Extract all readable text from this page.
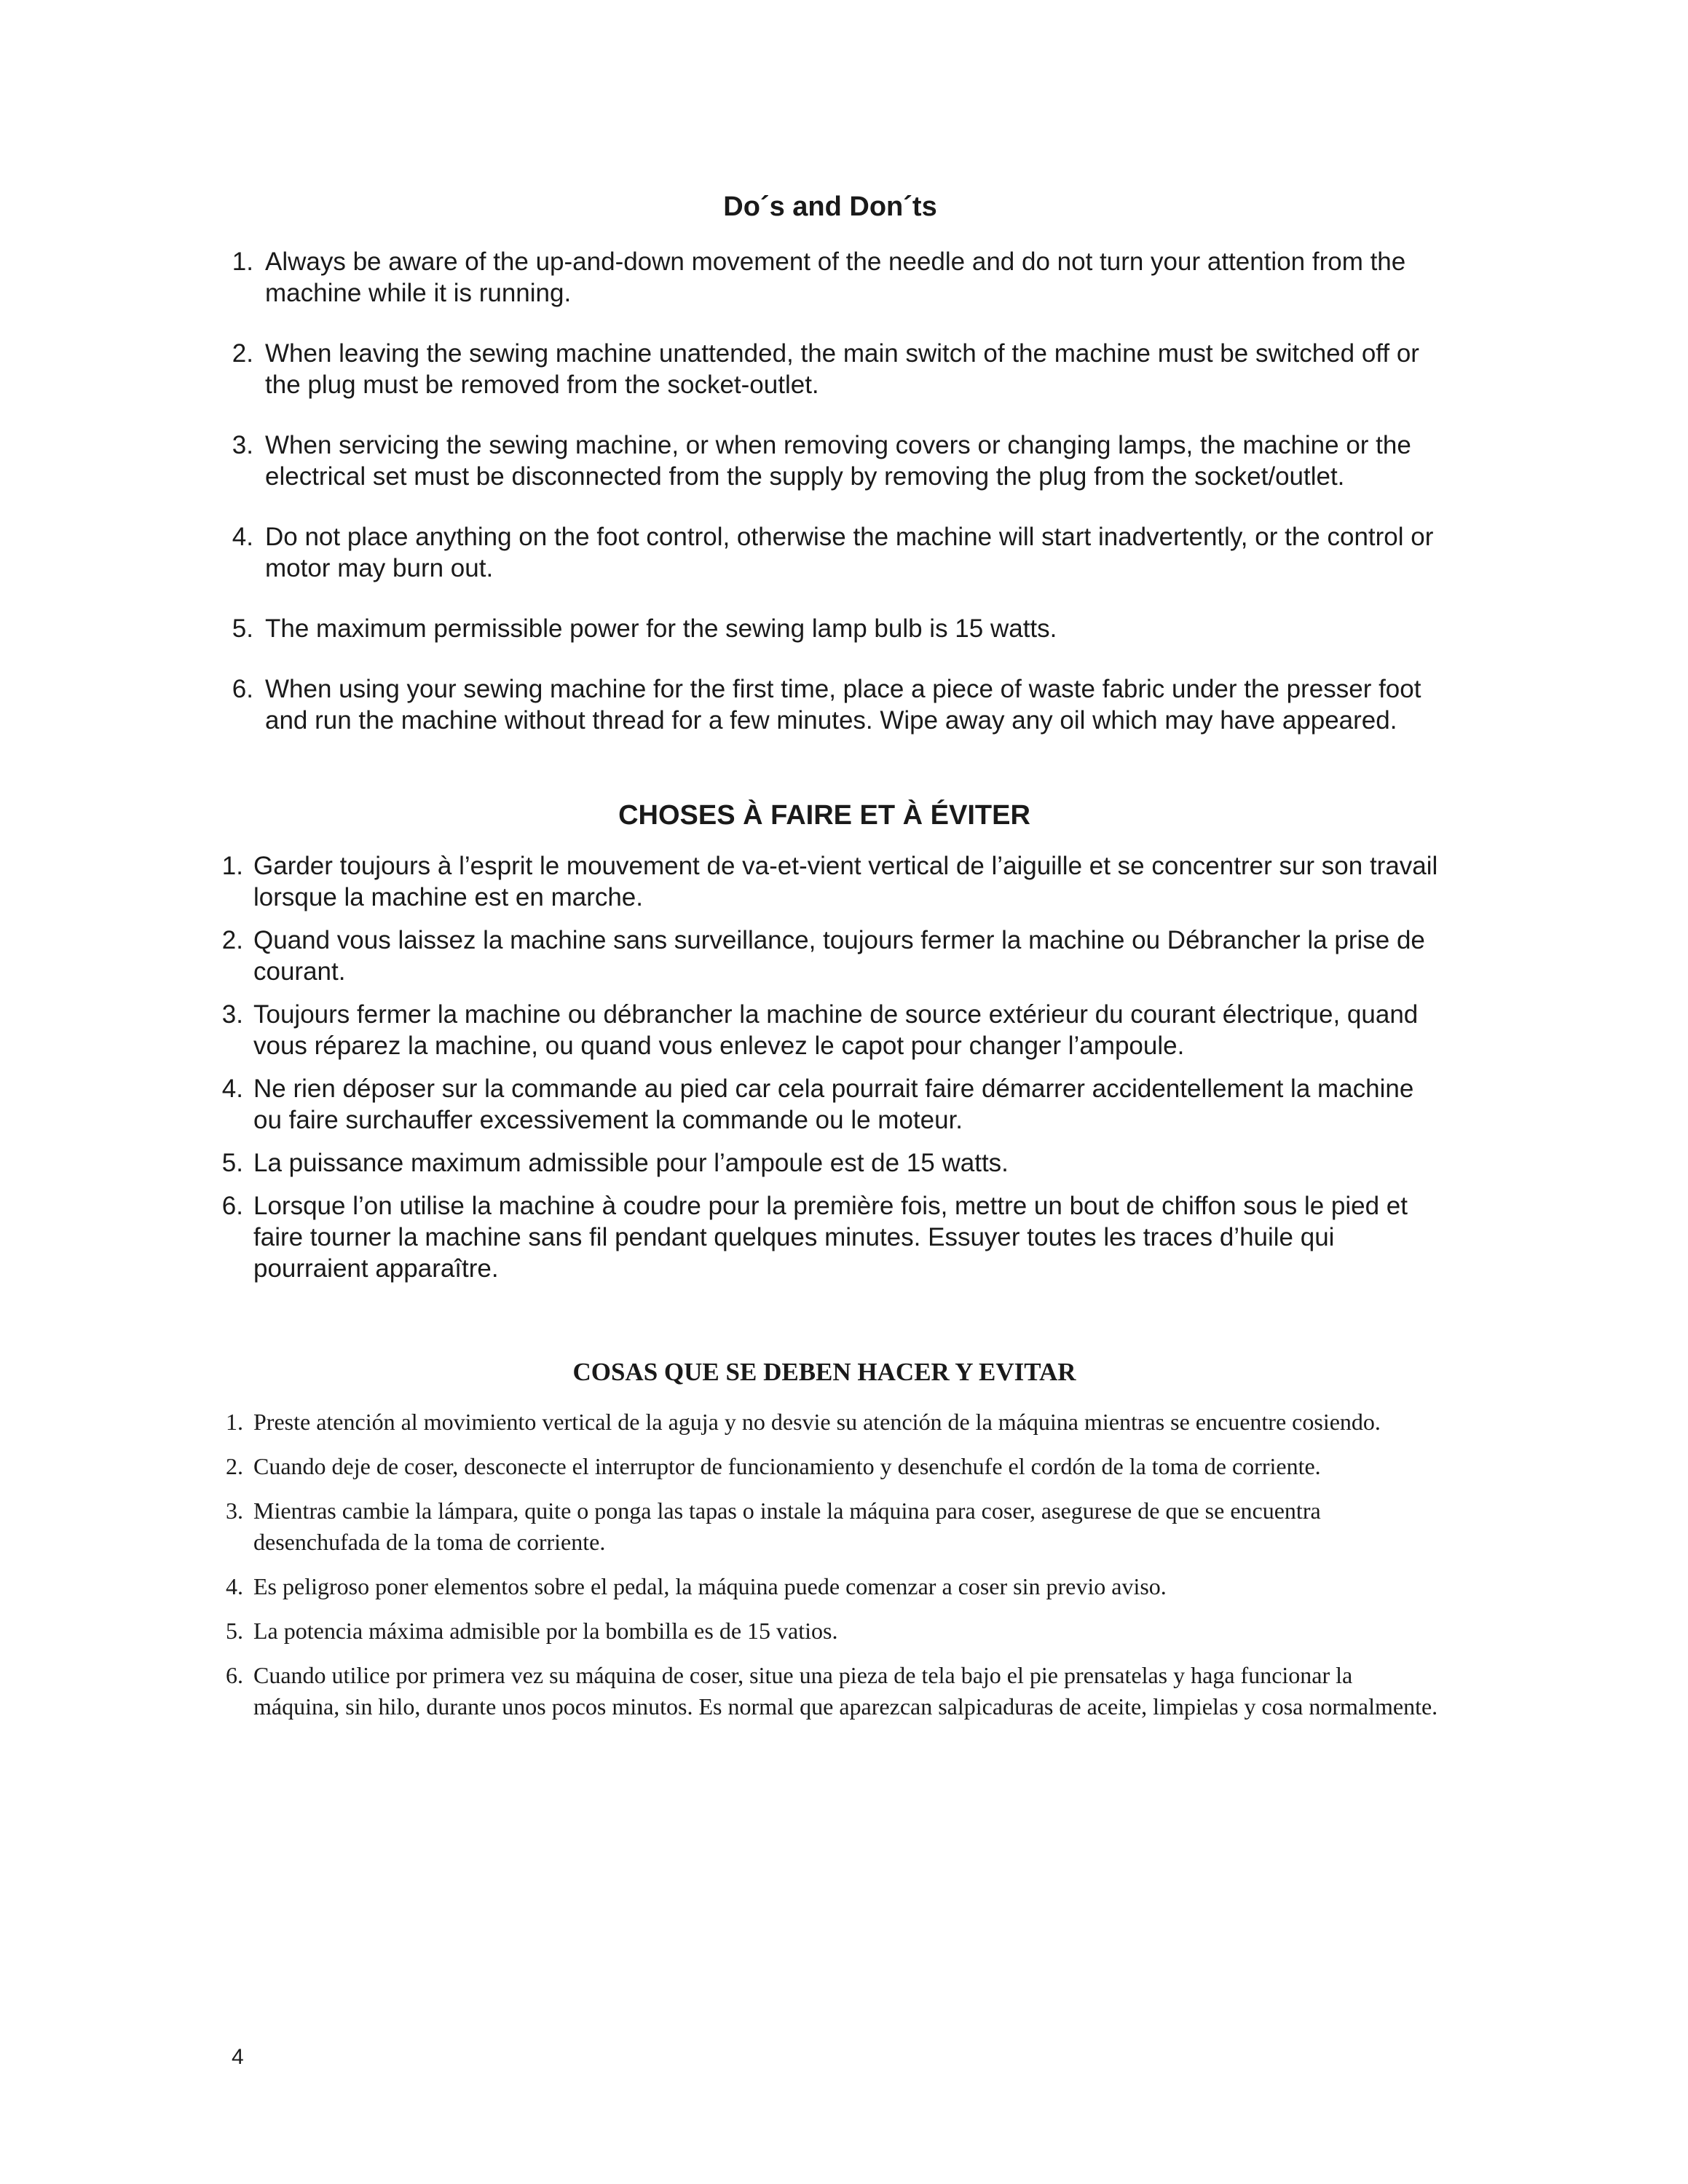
Do´s and Don´ts
1. Always be aware of the up-and-down movement of the needle and do not turn your attention from the machine while it is running.
2. When leaving the sewing machine unattended, the main switch of the machine must be switched off or the plug must be removed from the socket-outlet.
3. When servicing the sewing machine, or when removing covers or changing lamps, the machine or the electrical set must be disconnected from the supply by removing the plug from the socket/outlet.
4. Do not place anything on the foot control, otherwise the machine will start inadvertently, or the control or motor may burn out.
5. The maximum permissible power for the sewing lamp bulb is 15 watts.
6. When using your sewing machine for the first time, place a piece of waste fabric under the presser foot and run the machine without thread for a few minutes. Wipe away any oil which may have appeared.
CHOSES À FAIRE ET À ÉVITER
1. Garder toujours à l’esprit le mouvement de va-et-vient vertical de l’aiguille et se concentrer sur son travail lorsque la machine est en marche.
2. Quand vous laissez la machine sans surveillance, toujours fermer la machine ou Débrancher la prise de courant.
3. Toujours fermer la machine ou débrancher la machine de source extérieur du courant électrique, quand vous réparez la machine, ou quand vous enlevez le capot pour changer l’ampoule.
4. Ne rien déposer sur la commande au pied car cela pourrait faire démarrer accidentellement la machine ou faire surchauffer excessivement la commande ou le moteur.
5. La puissance maximum admissible pour l’ampoule est de 15 watts.
6. Lorsque l’on utilise la machine à coudre pour la première fois, mettre un bout de chiffon sous le pied et faire tourner la machine sans fil pendant quelques minutes. Essuyer toutes les traces d’huile qui pourraient apparaître.
COSAS QUE SE DEBEN HACER Y EVITAR
1. Preste atención al movimiento vertical de la aguja y no desvie su atención de la máquina mientras se encuentre cosiendo.
2. Cuando deje de coser, desconecte el interruptor de funcionamiento y desenchufe el cordón de la toma de corriente.
3. Mientras cambie la lámpara, quite o ponga las tapas o instale la máquina para coser, asegurese de que se encuentra desenchufada de la toma de corriente.
4. Es peligroso poner elementos sobre el pedal, la máquina puede comenzar a coser sin previo aviso.
5. La potencia máxima admisible por la bombilla es de 15 vatios.
6. Cuando utilice por primera vez su máquina de coser, situe una pieza de tela bajo el pie prensatelas y haga funcionar la máquina, sin hilo, durante unos pocos minutos. Es normal que aparezcan salpicaduras de aceite, limpielas y cosa normalmente.
4
